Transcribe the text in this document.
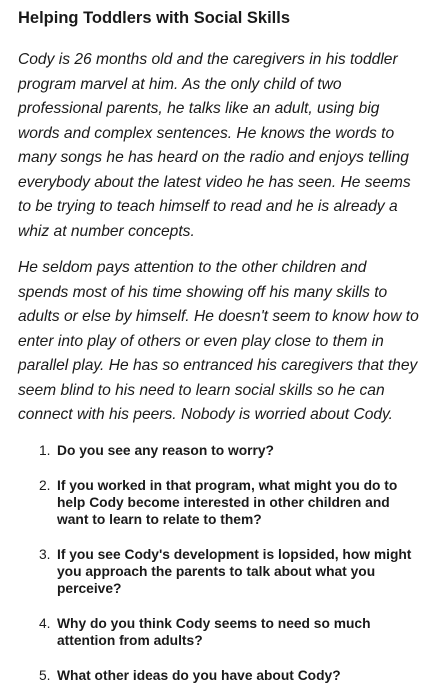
Helping Toddlers with Social Skills

Cody is 26 months old and the caregivers in his toddler program marvel at him. As the only child of two professional parents, he talks like an adult, using big words and complex sentences. He knows the words to many songs he has heard on the radio and enjoys telling everybody about the latest video he has seen. He seems to be trying to teach himself to read and he is already a whiz at number concepts.

He seldom pays attention to the other children and spends most of his time showing off his many skills to adults or else by himself. He doesn't seem to know how to enter into play of others or even play close to them in parallel play. He has so entranced his caregivers that they seem blind to his need to learn social skills so he can connect with his peers. Nobody is worried about Cody.

1. Do you see any reason to worry?
2. If you worked in that program, what might you do to help Cody become interested in other children and want to learn to relate to them?
3. If you see Cody's development is lopsided, how might you approach the parents to talk about what you perceive?
4. Why do you think Cody seems to need so much attention from adults?
5. What other ideas do you have about Cody?
